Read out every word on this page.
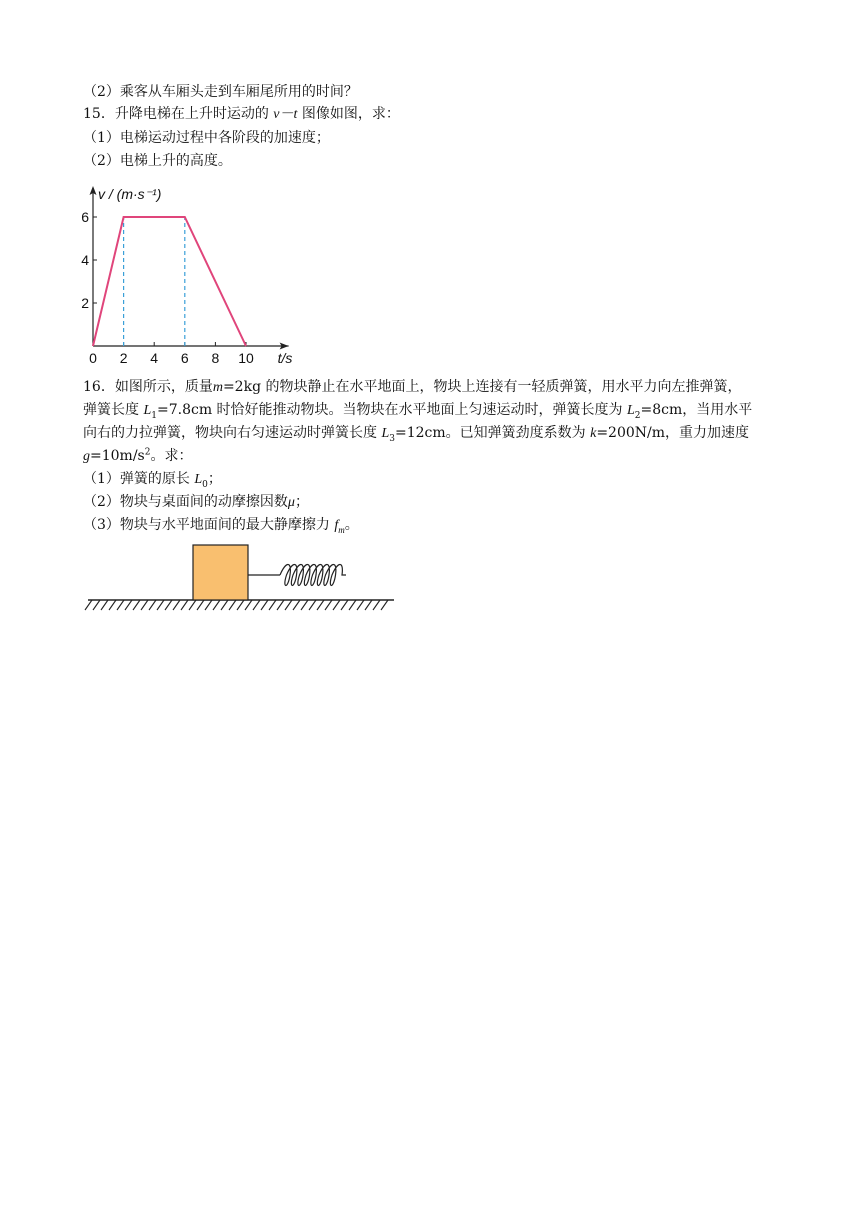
（2）乘客从车厢头走到车厢尾所用的时间？
15．升降电梯在上升时运动的 v－t 图像如图，求：
（1）电梯运动过程中各阶段的加速度；
（2）电梯上升的高度。
0 2 4 6 8 10
2
4
6
v / (m·s⁻¹)
t/s
16．如图所示，质量m=2kg 的物块静止在水平地面上，物块上连接有一轻质弹簧，用水平力向左推弹簧，
弹簧长度 $L_1=7.8cm$ 时恰好能推动物块。当物块在水平地面上匀速运动时，弹簧长度为 $L_2=8cm$，当用水平
向右的力拉弹簧，物块向右匀速运动时弹簧长度 $L_3=12cm$。已知弹簧劲度系数为 k=200N/m，重力加速度
$g=10m/s^2$。求：
（1）弹簧的原长 $L_0$；
（2）物块与桌面间的动摩擦因数μ；
（3）物块与水平地面间的最大静摩擦力 $f_m$。
